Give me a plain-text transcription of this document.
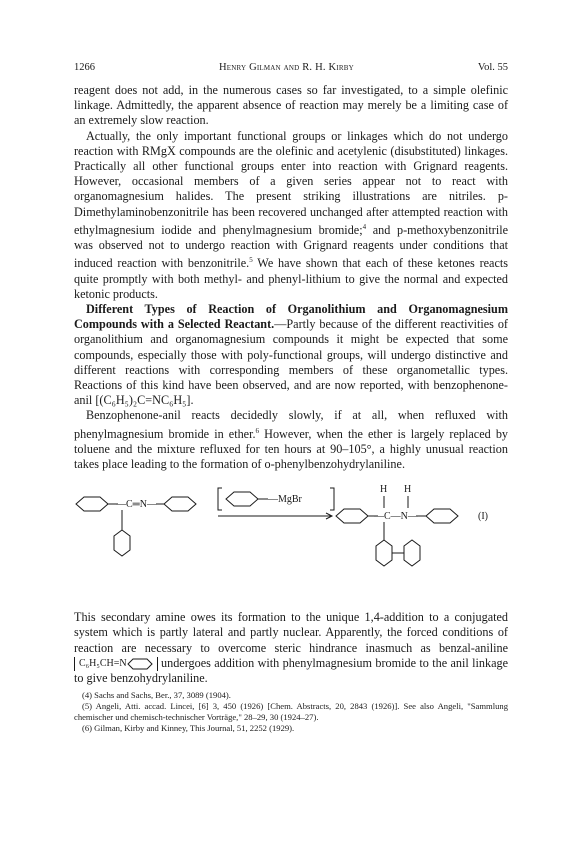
1266	Henry Gilman and R. H. Kirby	Vol. 55

reagent does not add, in the numerous cases so far investigated, to a simple olefinic linkage. Admittedly, the apparent absence of reaction may merely be a limiting case of an extremely slow reaction.

Actually, the only important functional groups or linkages which do not undergo reaction with RMgX compounds are the olefinic and acetylenic (disubstituted) linkages. Practically all other functional groups enter into reaction with Grignard reagents. However, occasional members of a given series appear not to react with organomagnesium halides. The present striking illustrations are nitriles. p-Dimethylaminobenzonitrile has been recovered unchanged after attempted reaction with ethylmagnesium iodide and phenylmagnesium bromide;$^4$ and p-methoxybenzonitrile was observed not to undergo reaction with Grignard reagents under conditions that induced reaction with benzonitrile.$^5$ We have shown that each of these ketones reacts quite promptly with both methyl- and phenyl-lithium to give the normal and expected ketonic products.

Different Types of Reaction of Organolithium and Organomagnesium Compounds with a Selected Reactant.—Partly because of the different reactivities of organolithium and organomagnesium compounds it might be expected that some compounds, especially those with poly-functional groups, will undergo distinctive and different reactions with corresponding members of these organometallic types. Reactions of this kind have been observed, and are now reported, with benzophenone-anil [(C₆H₅)₂C=NC₆H₅].

Benzophenone-anil reacts decidedly slowly, if at all, when refluxed with phenylmagnesium bromide in ether.$^6$ However, when the ether is largely replaced by toluene and the mixture refluxed for ten hours at 90–105°, a highly unusual reaction takes place leading to the formation of o-phenylbenzohydrylaniline.

—C═N—	—MgBr
H H
—C—N—	(I)

This secondary amine owes its formation to the unique 1,4-addition to a conjugated system which is partly lateral and partly nuclear. Apparently, the forced conditions of reaction are necessary to overcome steric hindrance inasmuch as benzal-aniline C₆H₅CH=N	undergoes addition with phenylmagnesium bromide to the anil linkage to give benzohydrylaniline.

(4) Sachs and Sachs, Ber., 37, 3089 (1904).
(5) Angeli, Atti. accad. Lincei, [6] 3, 450 (1926) [Chem. Abstracts, 20, 2843 (1926)]. See also Angeli, "Sammlung chemischer und chemisch-technischer Vorträge," 28–29, 30 (1924–27).
(6) Gilman, Kirby and Kinney, This Journal, 51, 2252 (1929).
